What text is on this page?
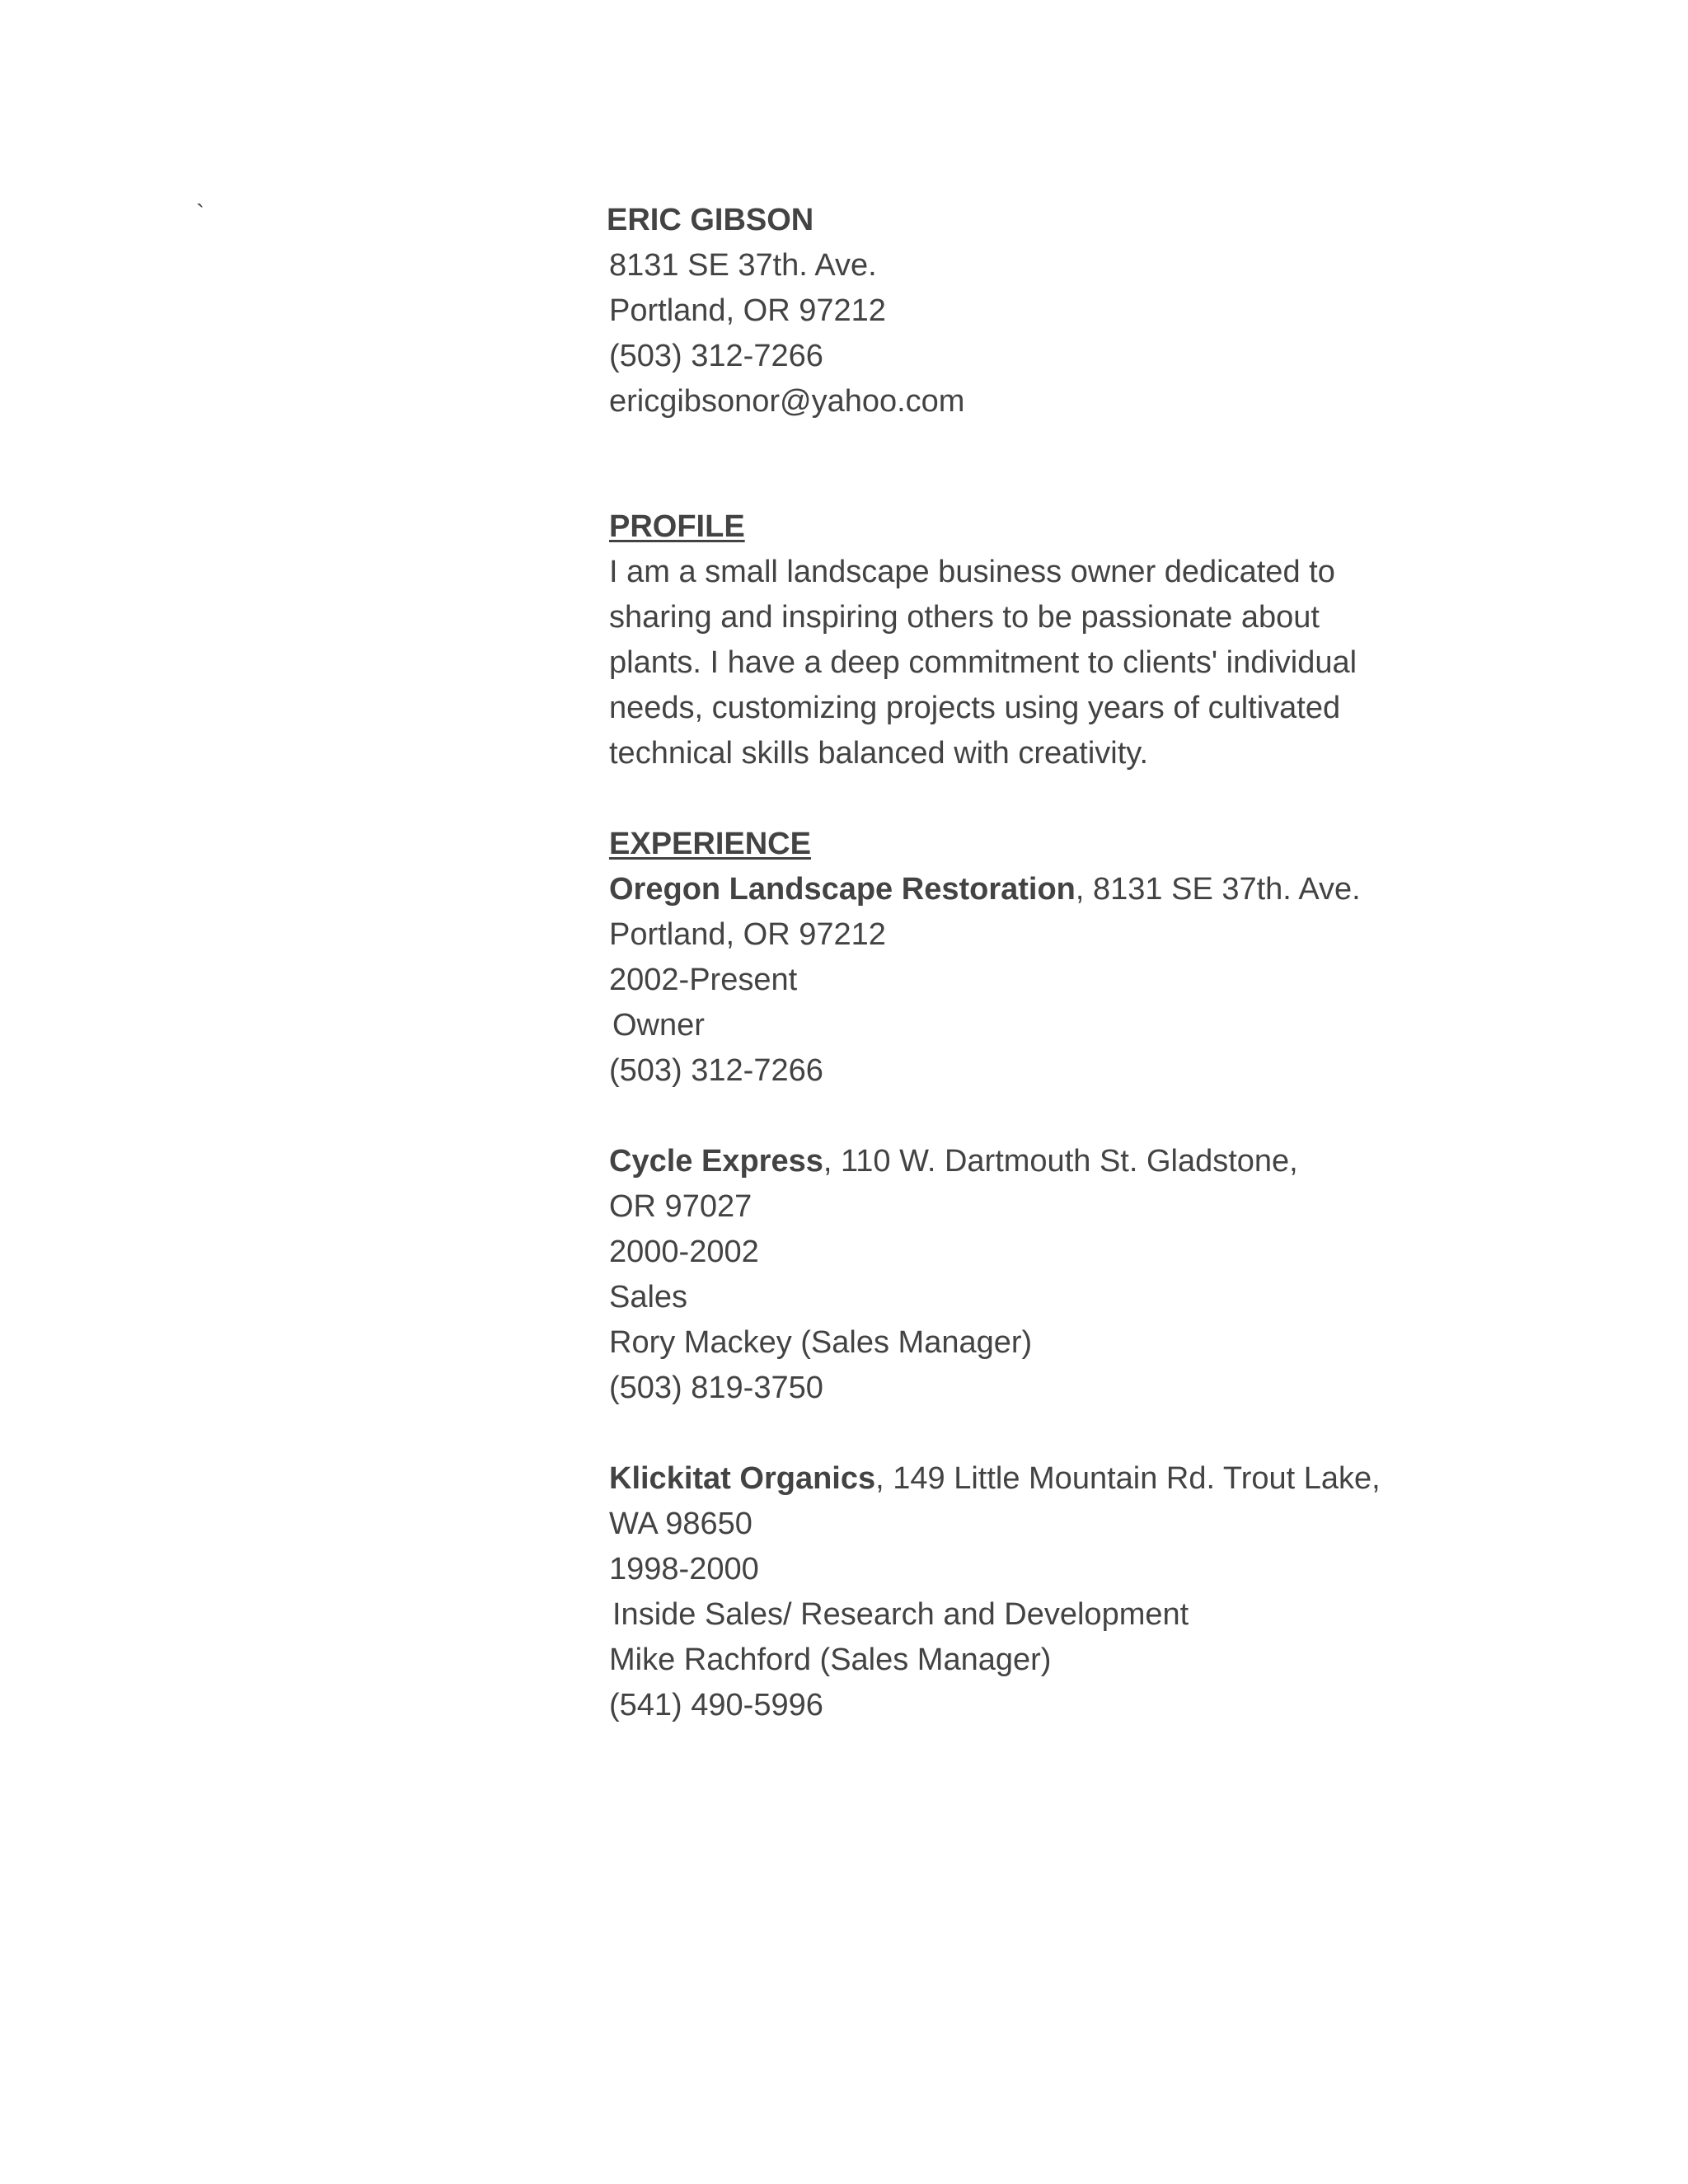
`	ERIC GIBSON
8131 SE 37th. Ave.
Portland, OR 97212
(503) 312-7266
ericgibsonor@yahoo.com
PROFILE
I am a small landscape business owner dedicated to
sharing and inspiring others to be passionate about
plants. I have a deep commitment to clients' individual
needs, customizing projects using years of cultivated
technical skills balanced with creativity.
EXPERIENCE
Oregon Landscape Restoration, 8131 SE 37th. Ave.
Portland, OR 97212
2002-Present
Owner
(503) 312-7266
Cycle Express, 110 W. Dartmouth St. Gladstone,
OR 97027
2000-2002
Sales
Rory Mackey (Sales Manager)
(503) 819-3750
Klickitat Organics, 149 Little Mountain Rd. Trout Lake,
WA 98650
1998-2000
Inside Sales/ Research and Development
Mike Rachford (Sales Manager)
(541) 490-5996
